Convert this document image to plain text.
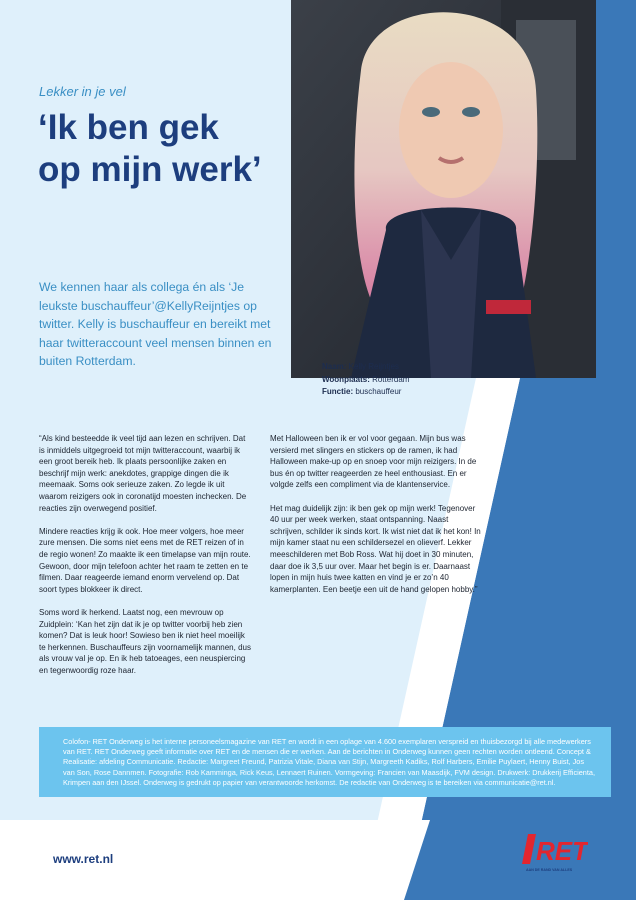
Lekker in je vel
‘Ik ben gek
op mijn werk’

We kennen haar als collega én als ‘Je leukste buschauffeur’@KellyReijntjes op twitter. Kelly is buschauffeur en bereikt met haar twitteraccount veel mensen binnen en buiten Rotterdam.	Naam: Kelly Reijntjes
Woonplaats: Rotterdam
Functie: buschauffeur

“Als kind besteedde ik veel tijd aan lezen en schrijven. Dat is inmiddels uitgegroeid tot mijn twitteraccount, waarbij ik een groot bereik heb. Ik plaats persoonlijke zaken en beschrijf mijn werk: anekdotes, grappige dingen die ik meemaak. Soms ook serieuze zaken. Zo legde ik uit waarom reizigers ook in coronatijd moesten inchecken. De reacties zijn overwegend positief.

Mindere reacties krijg ik ook. Hoe meer volgers, hoe meer zure mensen. Die soms niet eens met de RET reizen of in de regio wonen! Zo maakte ik een timelapse van mijn route. Gewoon, door mijn telefoon achter het raam te zetten en te filmen. Daar reageerde iemand enorm vervelend op. Dat soort types blokkeer ik direct.

Soms word ik herkend. Laatst nog, een mevrouw op Zuidplein: ‘Kan het zijn dat ik je op twitter voorbij heb zien komen? Dat is leuk hoor! Sowieso ben ik niet heel moeilijk te herkennen. Buschauffeurs zijn voornamelijk mannen, dus als vrouw val je op. En ik heb tatoeages, een neuspiercing en tegenwoordig roze haar.

Met Halloween ben ik er vol voor gegaan. Mijn bus was versierd met slingers en stickers op de ramen, ik had Halloween make-up op en snoep voor mijn reizigers. In de bus én op twitter reageerden ze heel enthousiast. En er volgde zelfs een compliment via de klantenservice.

Het mag duidelijk zijn: ik ben gek op mijn werk! Tegenover 40 uur per week werken, staat ontspanning. Naast schrijven, schilder ik sinds kort. Ik wist niet dat ik het kon! In mijn kamer staat nu een schildersezel en olieverf. Lekker meeschilderen met Bob Ross. Wat hij doet in 30 minuten, daar doe ik 3,5 uur over. Maar het begin is er. Daarnaast lopen in mijn huis twee katten en vind je er zo’n 40 kamerplanten. Een beetje een uit de hand gelopen hobby.”

Colofon- RET Onderweg is het interne personeelsmagazine van RET en wordt in een oplage van 4.600 exemplaren verspreid en thuisbezorgd bij alle medewerkers van RET. RET Onderweg geeft informatie over RET en de mensen die er werken. Aan de berichten in Onderweg kunnen geen rechten worden ontleend. Concept & Realisatie: afdeling Communicatie. Redactie: Margreet Freund, Patrizia Vitale, Diana van Stijn, Margreeth Kadiks, Rolf Harbers, Emilie Puylaert, Henny Buist, Jos van Son, Rose Dannmen. Fotografie: Rob Kamminga, Rick Keus, Lennaert Ruinen. Vormgeving: Francien van Maasdijk, FVM design. Drukwerk: Drukkerij Efficienta, Krimpen aan den IJssel. Onderweg is gedrukt op papier van verantwoorde herkomst. De redactie van Onderweg is te bereiken via communicatie@ret.nl.
www.ret.nl	RET
AAN DE RAND VAN ALLES
